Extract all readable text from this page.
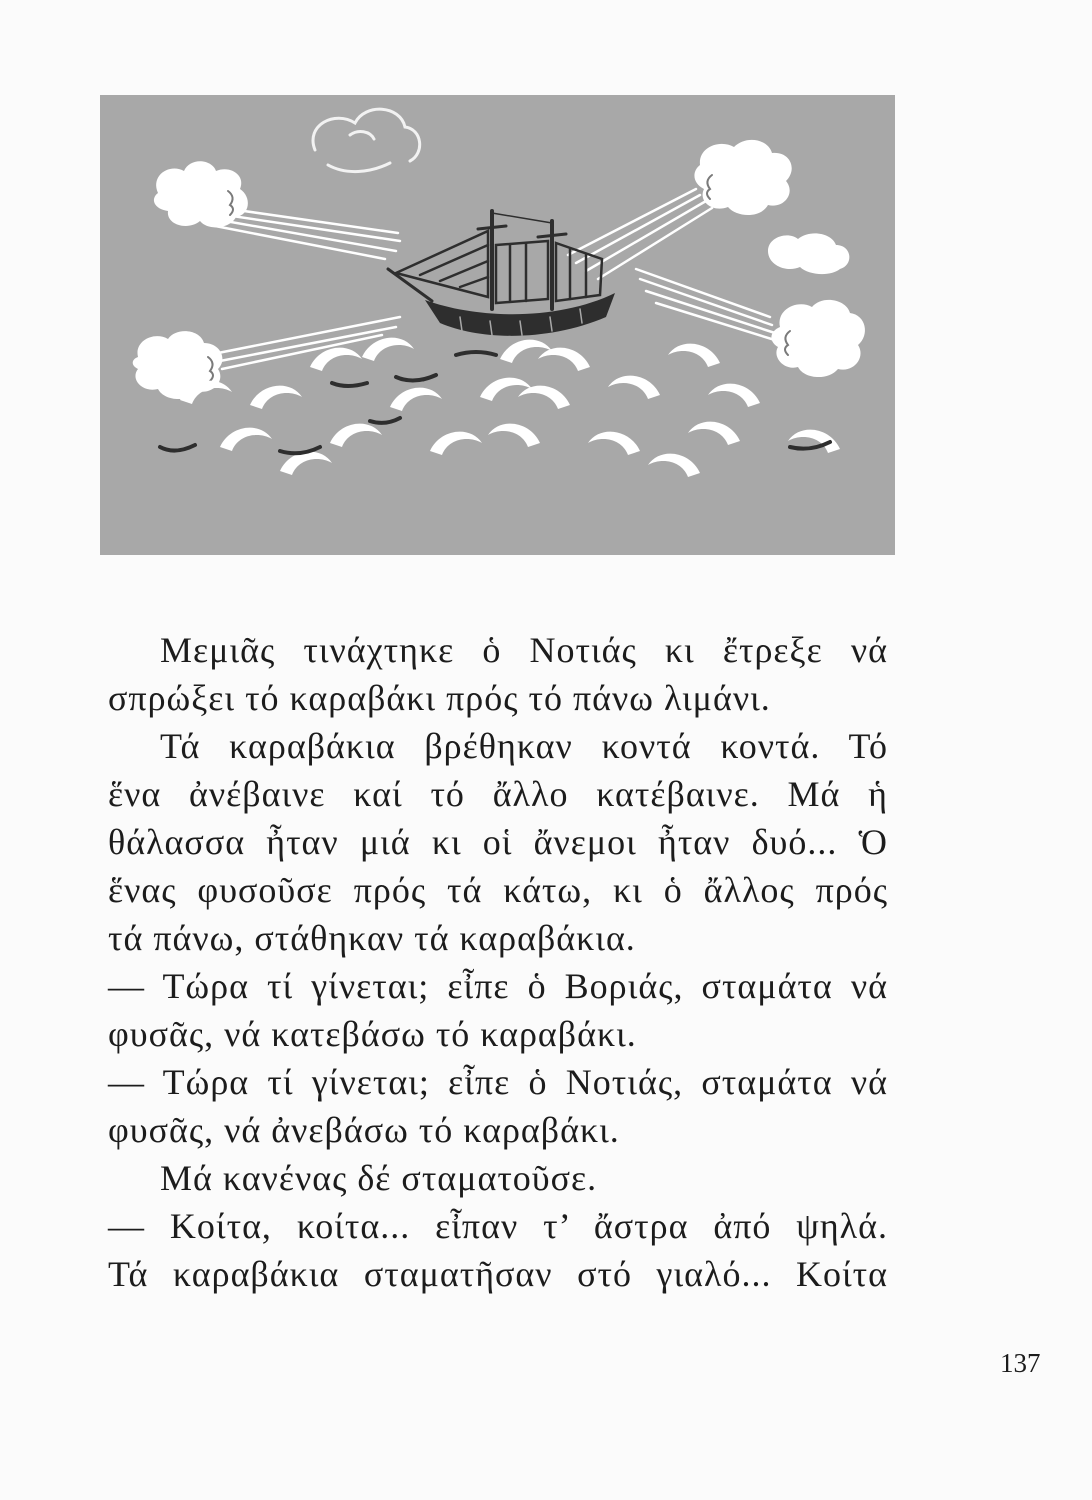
Μεμιᾶς τινάχτηκε ὁ Νοτιάς κι ἔτρεξε νά
σπρώξει τό καραβάκι πρός τό πάνω λιμάνι.
Τά καραβάκια βρέθηκαν κοντά κοντά. Τό
ἕνα ἀνέβαινε καί τό ἄλλο κατέβαινε. Μά ἡ
θάλασσα ἦταν μιά κι οἱ ἄνεμοι ἦταν δυό... Ὁ
ἕνας φυσοῦσε πρός τά κάτω, κι ὁ ἄλλος πρός
τά πάνω, στάθηκαν τά καραβάκια.
— Τώρα τί γίνεται; εἶπε ὁ Βοριάς, σταμάτα νά
φυσᾶς, νά κατεβάσω τό καραβάκι.
— Τώρα τί γίνεται; εἶπε ὁ Νοτιάς, σταμάτα νά
φυσᾶς, νά ἀνεβάσω τό καραβάκι.
Μά κανένας δέ σταματοῦσε.
— Κοίτα, κοίτα... εἶπαν τ’ ἄστρα ἀπό ψηλά.
Τά καραβάκια σταματῆσαν στό γιαλό... Κοίτα
137
